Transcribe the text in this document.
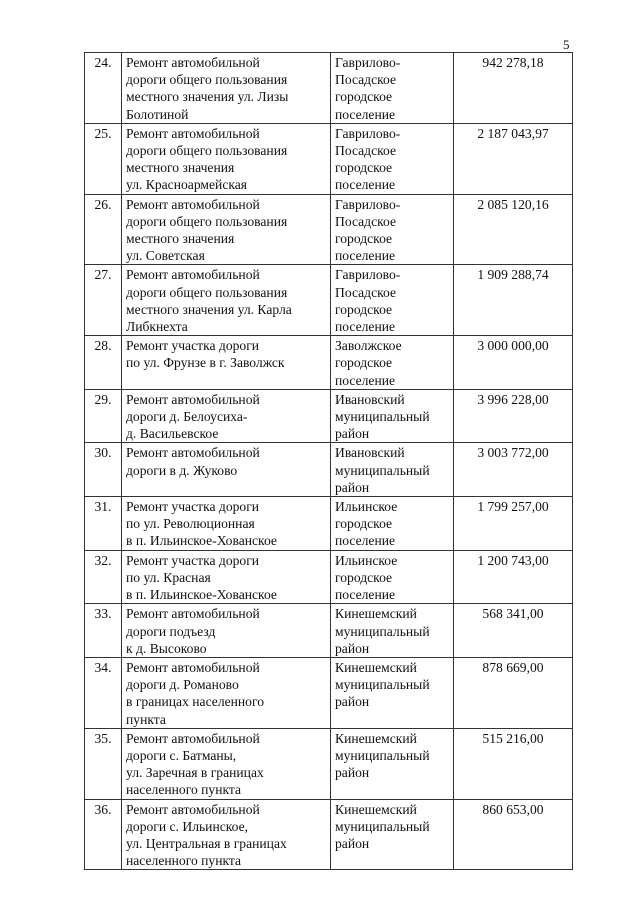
5
24.	Ремонт автомобильной
дороги общего пользования
местного значения ул. Лизы
Болотиной	Гаврилово-
Посадское
городское
поселение	942 278,18
25.	Ремонт автомобильной
дороги общего пользования
местного значения
ул. Красноармейская	Гаврилово-
Посадское
городское
поселение	2 187 043,97
26.	Ремонт автомобильной
дороги общего пользования
местного значения
ул. Советская	Гаврилово-
Посадское
городское
поселение	2 085 120,16
27.	Ремонт автомобильной
дороги общего пользования
местного значения ул. Карла
Либкнехта	Гаврилово-
Посадское
городское
поселение	1 909 288,74
28.	Ремонт участка дороги
по ул. Фрунзе в г. Заволжск	Заволжское
городское
поселение	3 000 000,00
29.	Ремонт автомобильной
дороги д. Белоусиха-
д. Васильевское	Ивановский
муниципальный
район	3 996 228,00
30.	Ремонт автомобильной
дороги в д. Жуково	Ивановский
муниципальный
район	3 003 772,00
31.	Ремонт участка дороги
по ул. Революционная
в п. Ильинское-Хованское	Ильинское
городское
поселение	1 799 257,00
32.	Ремонт участка дороги
по ул. Красная
в п. Ильинское-Хованское	Ильинское
городское
поселение	1 200 743,00
33.	Ремонт автомобильной
дороги подъезд
к д. Высоково	Кинешемский
муниципальный
район	568 341,00
34.	Ремонт автомобильной
дороги д. Романово
в границах населенного
пункта	Кинешемский
муниципальный
район	878 669,00
35.	Ремонт автомобильной
дороги с. Батманы,
ул. Заречная в границах
населенного пункта	Кинешемский
муниципальный
район	515 216,00
36.	Ремонт автомобильной
дороги с. Ильинское,
ул. Центральная в границах
населенного пункта	Кинешемский
муниципальный
район	860 653,00
